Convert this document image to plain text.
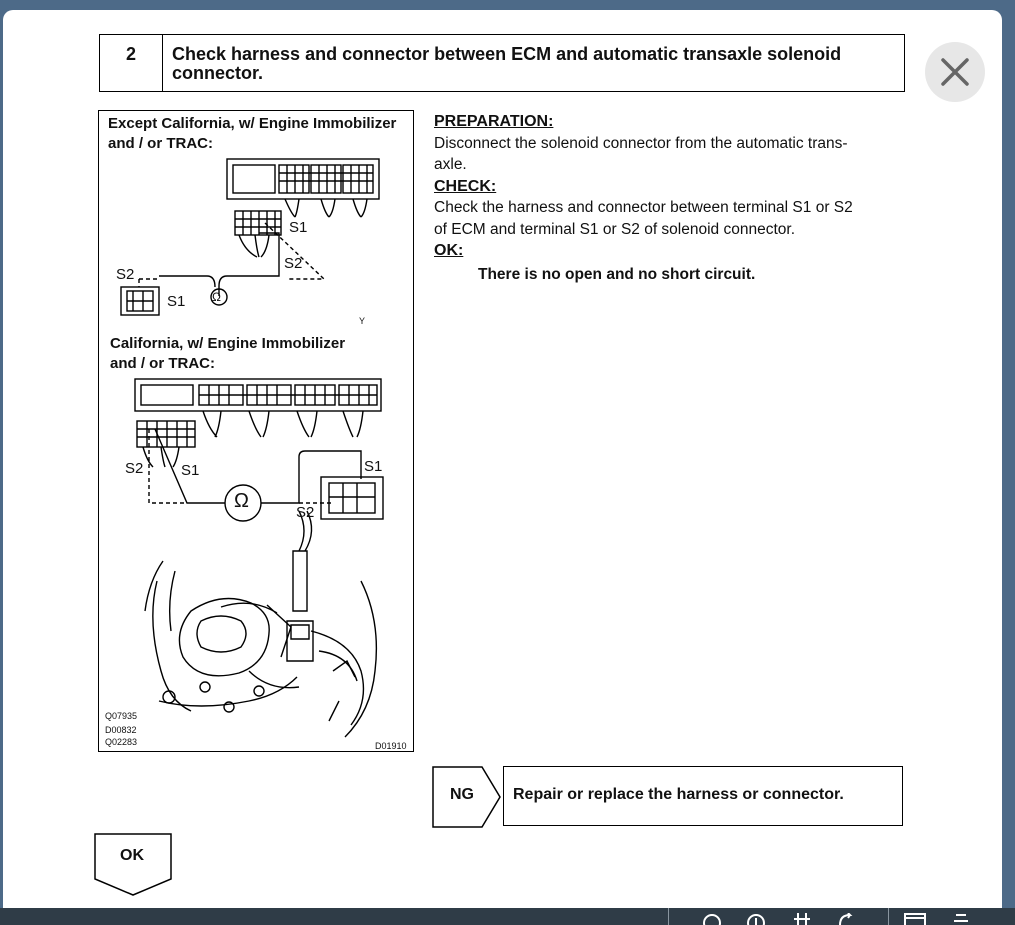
2	Check harness and connector between ECM and automatic transaxle solenoid
connector.
Except California, w/ Engine Immobilizer
and / or TRAC:
California, w/ Engine Immobilizer
and / or TRAC:
S1
S2
S2
S1 Ω
Y
S2	S1	S1
S2
Ω
Q07935
D00832
Q02283	D01910
PREPARATION:
Disconnect the solenoid connector from the automatic trans-
axle.
CHECK:
Check the harness and connector between terminal S1 or S2
of ECM and terminal S1 or S2 of solenoid connector.
OK:
There is no open and no short circuit.
NG	Repair or replace the harness or connector.
OK
